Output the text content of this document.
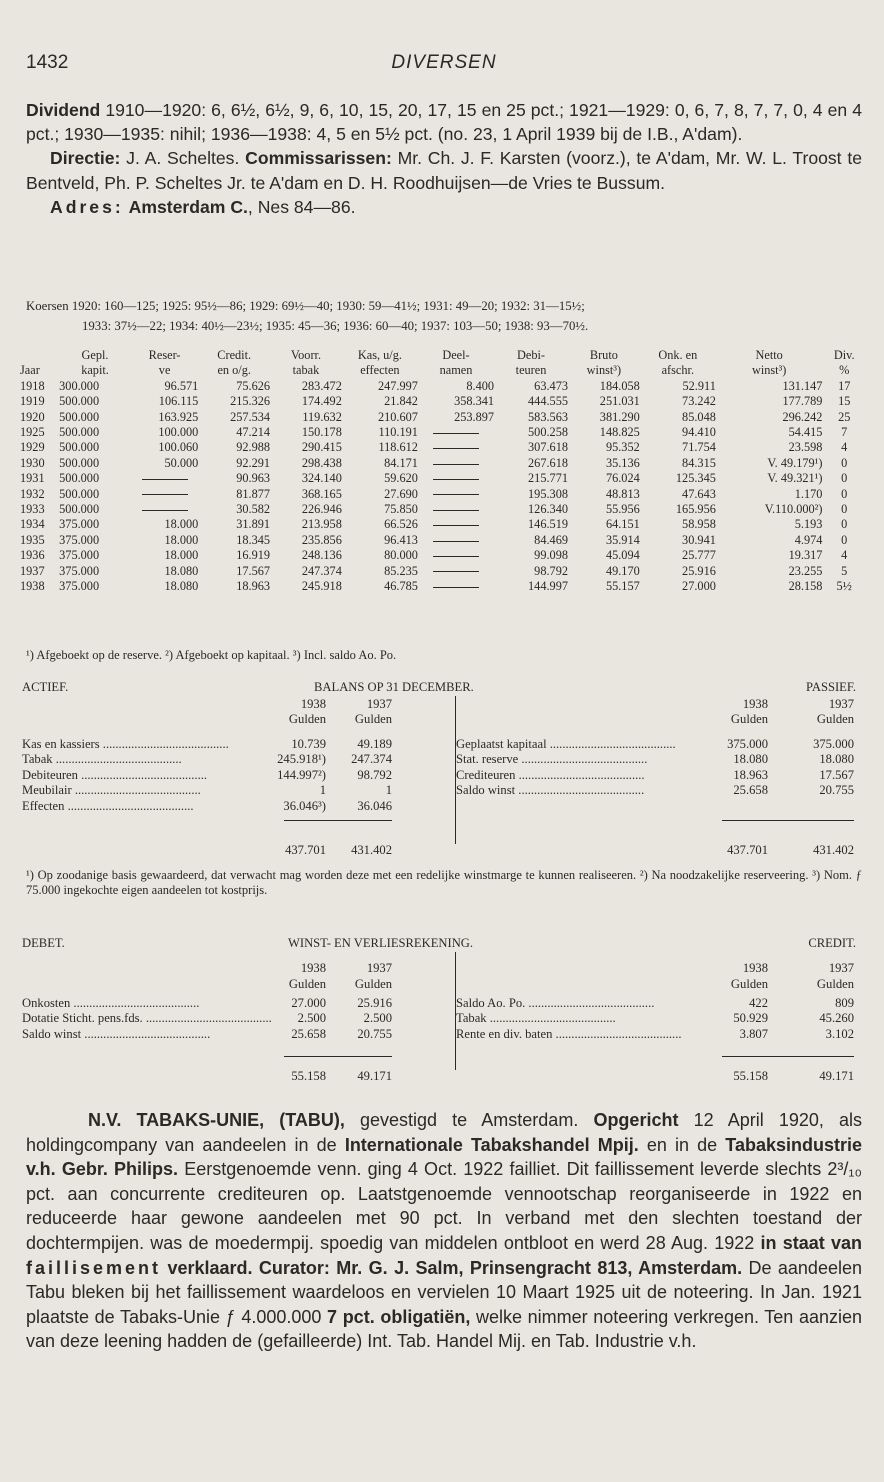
1432	DIVERSEN

Dividend 1910—1920: 6, 6½, 6½, 9, 6, 10, 15, 20, 17, 15 en 25 pct.; 1921—1929: 0, 6, 7, 8, 7, 7, 0, 4 en 4 pct.; 1930—1935: nihil; 1936—1938: 4, 5 en 5½ pct. (no. 23, 1 April 1939 bij de I.B., A'dam).

Directie: J. A. Scheltes. Commissarissen: Mr. Ch. J. F. Karsten (voorz.), te A'dam, Mr. W. L. Troost te Bentveld, Ph. P. Scheltes Jr. te A'dam en D. H. Roodhuijsen—de Vries te Bussum.

Adres: Amsterdam C., Nes 84—86.

Koersen 1920: 160—125; 1925: 95½—86; 1929: 69½—40; 1930: 59—41½; 1931: 49—20; 1932: 31—15½;
1933: 37½—22; 1934: 40½—23½; 1935: 45—36; 1936: 60—40; 1937: 103—50; 1938: 93—70½.
	Gepl.	Reser-	Credit.	Voorr.	Kas, u/g.	Deel-	Debi-	Bruto	Onk. en	Netto	Div.
Jaar	kapit.	ve	en o/g.	tabak	effecten	namen	teuren	winst³)	afschr.	winst³)	%
1918	300.000	96.571	75.626	283.472	247.997	8.400	63.473	184.058	52.911	131.147	17
1919	500.000	106.115	215.326	174.492	21.842	358.341	444.555	251.031	73.242	177.789	15
1920	500.000	163.925	257.534	119.632	210.607	253.897	583.563	381.290	85.048	296.242	25
1925	500.000	100.000	47.214	150.178	110.191		500.258	148.825	94.410	54.415	7
1929	500.000	100.060	92.988	290.415	118.612		307.618	95.352	71.754	23.598	4
1930	500.000	50.000	92.291	298.438	84.171		267.618	35.136	84.315	V. 49.179¹)	0
1931	500.000		90.963	324.140	59.620		215.771	76.024	125.345	V. 49.321¹)	0
1932	500.000		81.877	368.165	27.690		195.308	48.813	47.643	1.170	0
1933	500.000		30.582	226.946	75.850		126.340	55.956	165.956	V.110.000²)	0
1934	375.000	18.000	31.891	213.958	66.526		146.519	64.151	58.958	5.193	0
1935	375.000	18.000	18.345	235.856	96.413		84.469	35.914	30.941	4.974	0
1936	375.000	18.000	16.919	248.136	80.000		99.098	45.094	25.777	19.317	4
1937	375.000	18.080	17.567	247.374	85.235		98.792	49.170	25.916	23.255	5
1938	375.000	18.080	18.963	245.918	46.785		144.997	55.157	27.000	28.158	5½
¹) Afgeboekt op de reserve. ²) Afgeboekt op kapitaal. ³) Incl. saldo Ao. Po.
ACTIEF.	BALANS OP 31 DECEMBER.	PASSIEF.
1938	1937
Gulden	Gulden
1938	1937
Gulden	Gulden
Kas en kassiers ........................................	10.739	49.189
Tabak ........................................	245.918¹)	247.374
Debiteuren ........................................	144.997²)	98.792
Meubilair ........................................	1	1
Effecten ........................................	36.046³)	36.046
Geplaatst kapitaal ........................................	375.000	375.000
Stat. reserve ........................................	18.080	18.080
Crediteuren ........................................	18.963	17.567
Saldo winst ........................................	25.658	20.755
437.701	431.402	437.701	431.402
¹) Op zoodanige basis gewaardeerd, dat verwacht mag worden deze met een redelijke winstmarge te kunnen realiseeren. ²) Na noodzakelijke reserveering. ³) Nom. ƒ 75.000 ingekochte eigen aandeelen tot kostprijs.
DEBET.	WINST- EN VERLIESREKENING.	CREDIT.
1938	1937
Gulden	Gulden
1938	1937
Gulden	Gulden
Onkosten ........................................	27.000	25.916
Dotatie Sticht. pens.fds. ........................................	2.500	2.500
Saldo winst ........................................	25.658	20.755
Saldo Ao. Po. ........................................	422	809
Tabak ........................................	50.929	45.260
Rente en div. baten ........................................	3.807	3.102
55.158	49.171	55.158	49.171

N.V. TABAKS-UNIE, (TABU), gevestigd te Amsterdam. Opgericht 12 April 1920, als holdingcompany van aandeelen in de Internationale Tabakshandel Mpij. en in de Tabaksindustrie v.h. Gebr. Philips. Eerstgenoemde venn. ging 4 Oct. 1922 failliet. Dit faillissement leverde slechts 2³/₁₀ pct. aan concurrente crediteuren op. Laatstgenoemde vennootschap reorganiseerde in 1922 en reduceerde haar gewone aandeelen met 90 pct. In verband met den slechten toestand der dochtermpijen. was de moedermpij. spoedig van middelen ontbloot en werd 28 Aug. 1922 in staat van faillisement verklaard. Curator: Mr. G. J. Salm, Prinsengracht 813, Amsterdam. De aandeelen Tabu bleken bij het faillissement waardeloos en vervielen 10 Maart 1925 uit de noteering. In Jan. 1921 plaatste de Tabaks-Unie ƒ 4.000.000 7 pct. obligatiën, welke nimmer noteering verkregen. Ten aanzien van deze leening hadden de (gefailleerde) Int. Tab. Handel Mij. en Tab. Industrie v.h.
